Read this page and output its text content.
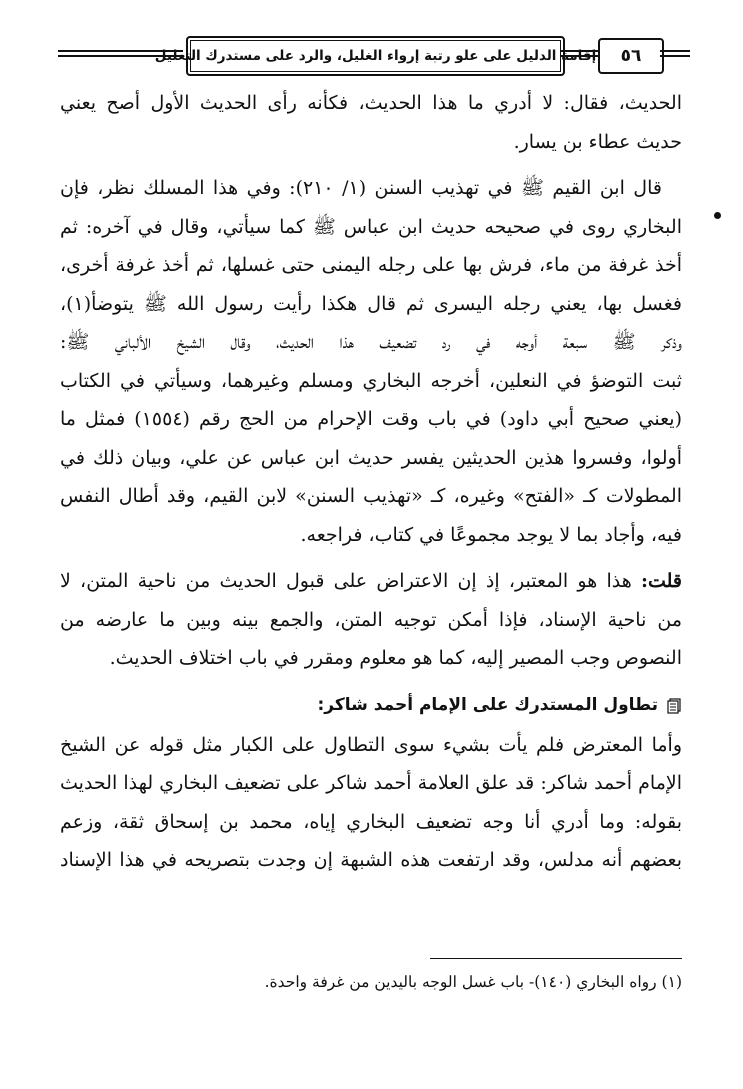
إقامة الدليل على علو رتبة إرواء الغليل، والرد على مستدرك التعليل	٥٦
الحديث، فقال: لا أدري ما هذا الحديث، فكأنه رأى الحديث الأول أصح يعني
حديث عطاء بن يسار.
قال ابن القيم ﷺ في تهذيب السنن (١/ ٢١٠): وفي هذا المسلك نظر، فإن
البخاري روى في صحيحه حديث ابن عباس ﷺ كما سيأتي، وقال في آخره: ثم
أخذ غرفة من ماء، فرش بها على رجله اليمنى حتى غسلها، ثم أخذ غرفة أخرى،
فغسل بها، يعني رجله اليسرى ثم قال هكذا رأيت رسول الله ﷺ يتوضأ(١)،
وذكر ﷺ سبعة أوجه في رد تضعيف هذا الحديث، وقال الشيخ الألباني ﷺ:
ثبت التوضؤ في النعلين، أخرجه البخاري ومسلم وغيرهما، وسيأتي في الكتاب
(يعني صحيح أبي داود) في باب وقت الإحرام من الحج رقم (١٥٥٤) فمثل ما
أولوا، وفسروا هذين الحديثين يفسر حديث ابن عباس عن علي، وبيان ذلك في
المطولات كـ «الفتح» وغيره، كـ «تهذيب السنن» لابن القيم، وقد أطال النفس
فيه، وأجاد بما لا يوجد مجموعًا في كتاب، فراجعه.
قلت: هذا هو المعتبر، إذ إن الاعتراض على قبول الحديث من ناحية المتن، لا
من ناحية الإسناد، فإذا أمكن توجيه المتن، والجمع بينه وبين ما عارضه من
النصوص وجب المصير إليه، كما هو معلوم ومقرر في باب اختلاف الحديث.
تطاول المستدرك على الإمام أحمد شاكر:
وأما المعترض فلم يأت بشيء سوى التطاول على الكبار مثل قوله عن الشيخ
الإمام أحمد شاكر: قد علق العلامة أحمد شاكر على تضعيف البخاري لهذا الحديث
بقوله: وما أدري أنا وجه تضعيف البخاري إياه، محمد بن إسحاق ثقة، وزعم
بعضهم أنه مدلس، وقد ارتفعت هذه الشبهة إن وجدت بتصريحه في هذا الإسناد
(١) رواه البخاري (١٤٠)- باب غسل الوجه باليدين من غرفة واحدة.
